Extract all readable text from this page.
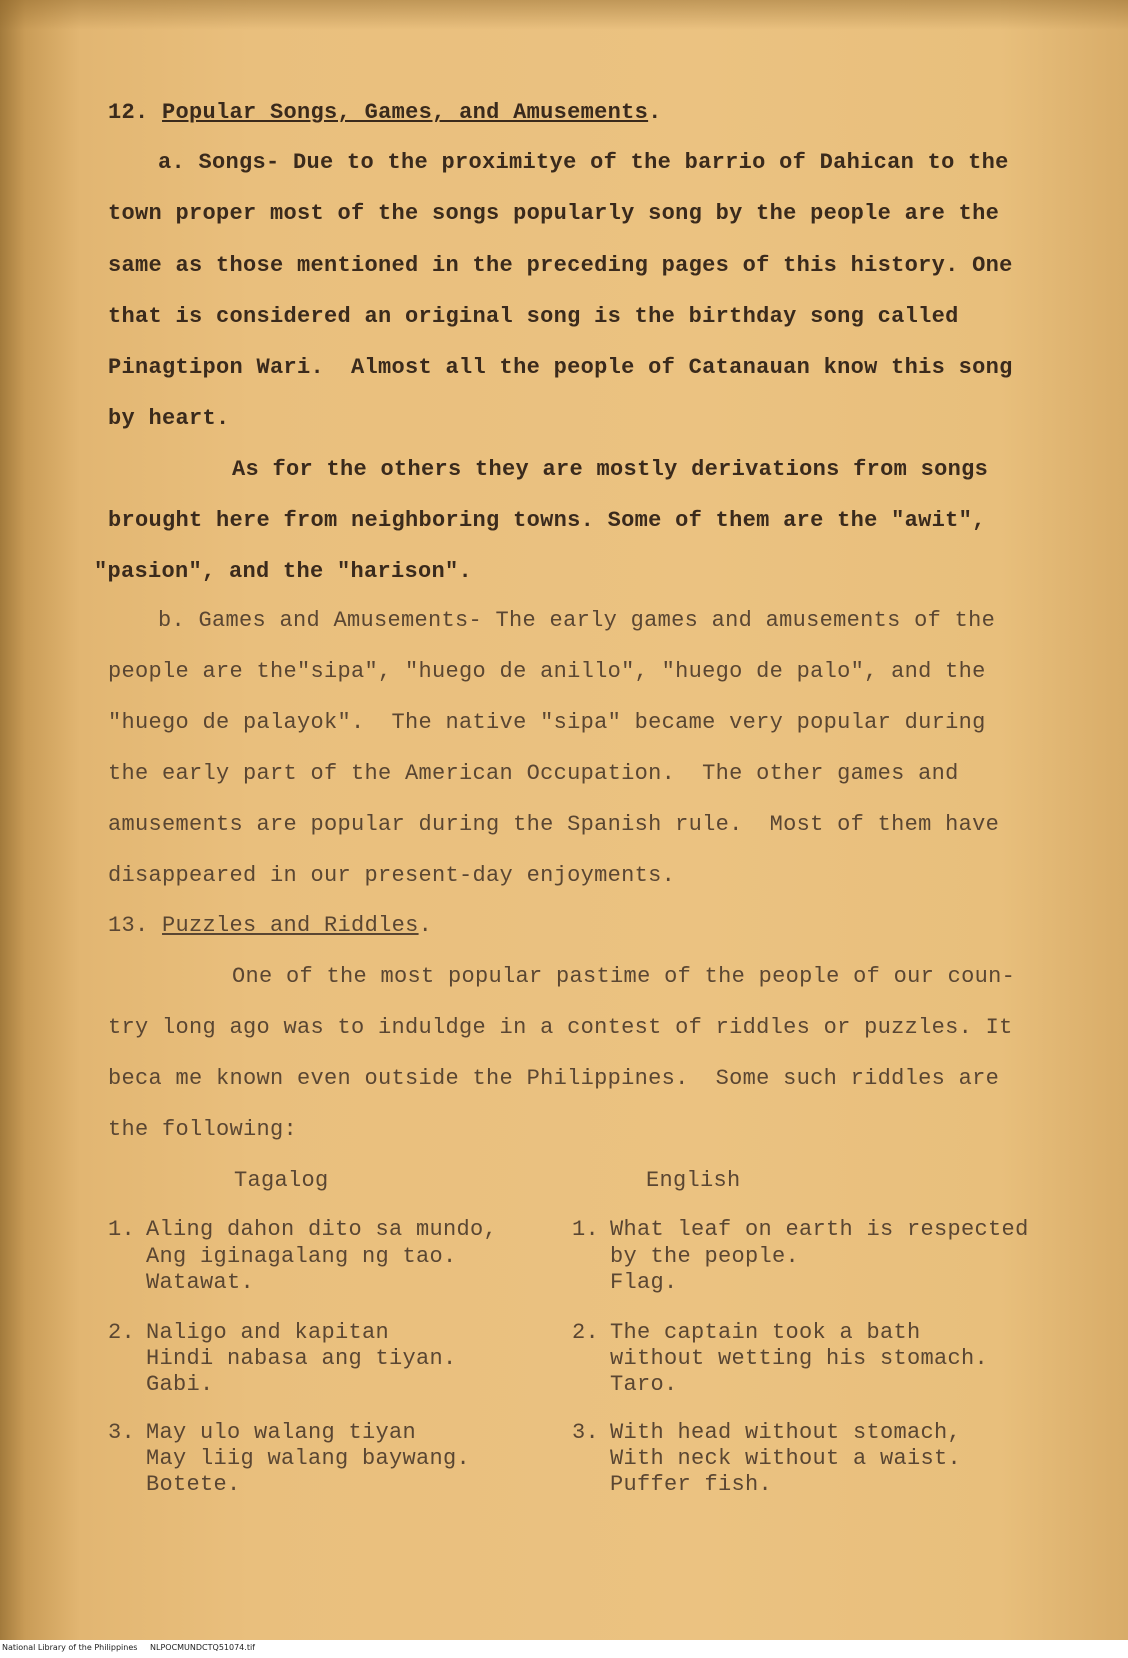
12. Popular Songs, Games, and Amusements.
a. Songs- Due to the proximitye of the barrio of Dahican to the
town proper most of the songs popularly song by the people are the
same as those mentioned in the preceding pages of this history. One
that is considered an original song is the birthday song called
Pinagtipon Wari.  Almost all the people of Catanauan know this song
by heart.
As for the others they are mostly derivations from songs
brought here from neighboring towns. Some of them are the "awit",
"pasion", and the "harison".
b. Games and Amusements- The early games and amusements of the
people are the"sipa", "huego de anillo", "huego de palo", and the
"huego de palayok".  The native "sipa" became very popular during
the early part of the American Occupation.  The other games and
amusements are popular during the Spanish rule.  Most of them have
disappeared in our present-day enjoyments.
13. Puzzles and Riddles.
One of the most popular pastime of the people of our coun-
try long ago was to induldge in a contest of riddles or puzzles. It
beca me known even outside the Philippines.  Some such riddles are
the following:
Tagalog	English
1. Aling dahon dito sa mundo,
Ang iginagalang ng tao.
Watawat.
1. What leaf on earth is respected
by the people.
Flag.
2. Naligo and kapitan
Hindi nabasa ang tiyan.
Gabi.
2. The captain took a bath
without wetting his stomach.
Taro.
3. May ulo walang tiyan
May liig walang baywang.
Botete.
3. With head without stomach,
With neck without a waist.
Puffer fish.
National Library of the Philippines NLPOCMUNDCTQ51074.tif
